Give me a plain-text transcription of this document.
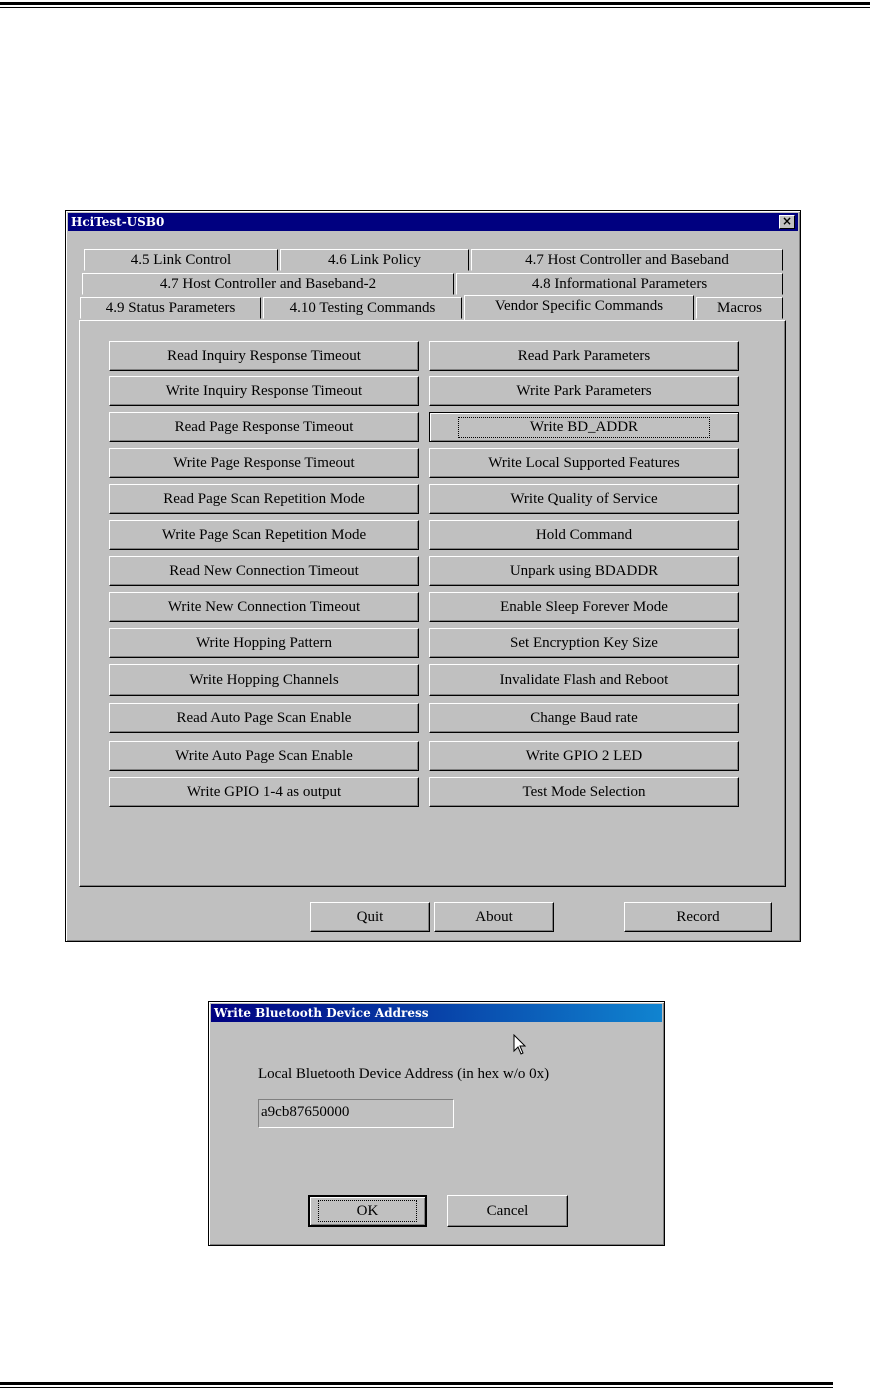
HciTest-USB0	×
4.5 Link Control	4.6 Link Policy	4.7 Host Controller and Baseband
4.7 Host Controller and Baseband-2	4.8 Informational Parameters
4.9 Status Parameters	4.10 Testing Commands	Vendor Specific Commands	Macros
Read Inquiry Response Timeout
Write Inquiry Response Timeout
Read Page Response Timeout
Write Page Response Timeout
Read Page Scan Repetition Mode
Write Page Scan Repetition Mode
Read New Connection Timeout
Write New Connection Timeout
Write Hopping Pattern
Write Hopping Channels
Read Auto Page Scan Enable
Write Auto Page Scan Enable
Write GPIO 1-4 as output
Read Park Parameters
Write Park Parameters
Write BD_ADDR
Write Local Supported Features
Write Quality of Service
Hold Command
Unpark using BDADDR
Enable Sleep Forever Mode
Set Encryption Key Size
Invalidate Flash and Reboot
Change Baud rate
Write GPIO 2 LED
Test Mode Selection
Quit	About	Record
Write Bluetooth Device Address
Local Bluetooth Device Address (in hex w/o 0x)
a9cb87650000
OK	Cancel
